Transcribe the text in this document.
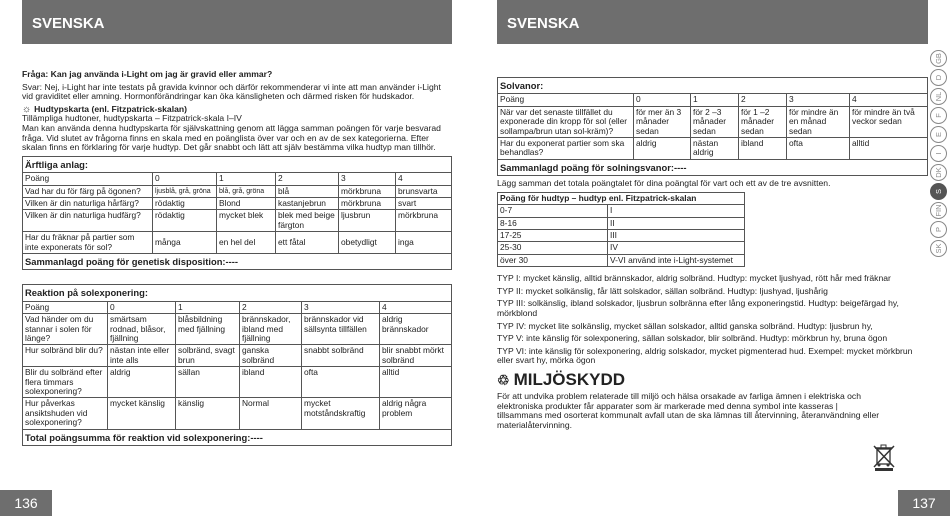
SVENSKA

Fråga: Kan jag använda i-Light om jag är gravid eller ammar?

Svar: Nej, i-Light har inte testats på gravida kvinnor och därför rekommenderar vi inte att man använder i-Light vid graviditet eller amning. Hormonförändringar kan öka känsligheten och därmed risken för hudskador.

☼ Hudtypskarta (enl. Fitzpatrick-skalan)

Tillämpliga hudtoner, hudtypskarta – Fitzpatrick-skala I–IV

Man kan använda denna hudtypskarta för självskattning genom att lägga samman poängen för varje besvarad fråga. Vid slutet av frågorna finns en skala med en poänglista över var och en av de sex kategorierna. Efter skalan finns en förklaring för varje hudtyp. Det går snabbt och lätt att själv bestämma vilka hudtyp man tillhör.

Ärftliga anlag:					
Poäng	0	1	2	3	4
Vad har du för färg på ögonen?	ljusblå, grå, gröna	blå, grå, gröna	blå	mörkbruna	brunsvarta
Vilken är din naturliga hårfärg?	rödaktig	Blond	kastanjebrun	mörkbruna	svart
Vilken är din naturliga hudfärg?	rödaktig	mycket blek	blek med beige färgton	ljusbrun	mörkbruna
Har du fräknar på partier som inte exponerats för sol?	många	en hel del	ett fåtal	obetydligt	inga
Sammanlagd poäng för genetisk disposition:----					
Reaktion på solexponering:					
Poäng	0	1	2	3	4
Vad händer om du stannar i solen för länge?	smärtsam rodnad, blåsor, fjällning	blåsbildning med fjällning	brännskador, ibland med fjällning	brännskador vid sällsynta tillfällen	aldrig brännskador
Hur solbränd blir du?	nästan inte eller inte alls	solbränd, svagt brun	ganska solbränd	snabbt solbränd	blir snabbt mörkt solbränd
Blir du solbränd efter flera timmars solexponering?	aldrig	sällan	ibland	ofta	alltid
Hur påverkas ansiktshuden vid solexponering?	mycket känslig	känslig	Normal	mycket motståndskraftig	aldrig några problem
Total poängsumma för reaktion vid solexponering:----					
136
SVENSKA
Solvanor:					
Poäng	0	1	2	3	4
När var det senaste tillfället du exponerade din kropp för sol (eller sollampa/brun utan sol-kräm)?	för mer än 3 månader sedan	för 2 –3 månader sedan	för 1 –2 månader sedan	för mindre än en månad sedan	för mindre än två veckor sedan
Har du exponerat partier som ska behandlas?	aldrig	nästan aldrig	ibland	ofta	alltid
Sammanlagd poäng för solningsvanor:----					

Lägg samman det totala poängtalet för dina poängtal för vart och ett av de tre avsnitten.

Poäng för hudtyp – hudtyp enl. Fitzpatrick-skalan	
0-7	I
8-16	II
17-25	III
25-30	IV
över 30	V-VI använd inte i-Light-systemet

TYP I: mycket känslig, alltid brännskador, aldrig solbränd. Hudtyp: mycket ljushyad, rött hår med fräknar

TYP II: mycket solkänslig, får lätt solskador, sällan solbränd. Hudtyp: ljushyad, ljushårig

TYP III: solkänslig, ibland solskador, ljusbrun solbränna efter lång exponeringstid. Hudtyp: beigefärgad hy, mörkblond

TYP IV: mycket lite solkänslig, mycket sällan solskador, alltid ganska solbränd. Hudtyp: ljusbrun hy,

TYP V: inte känslig för solexponering, sällan solskador, blir solbränd. Hudtyp: mörkbrun hy, bruna ögon

TYP VI: inte känslig för solexponering, aldrig solskador, mycket pigmenterad hud. Exempel: mycket mörkbrun eller svart hy, mörka ögon

♲ MILJÖSKYDD

För att undvika problem relaterade till miljö och hälsa orsakade av farliga ämnen i elektriska och elektroniska produkter får apparater som är markerade med denna symbol inte kasseras | tillsammans med osorterat kommunalt avfall utan de ska lämnas till återvinning, återanvändning eller materialåtervinning.

GB
D
NL
F
E
I
DK
S
FIN
P
SK
137
